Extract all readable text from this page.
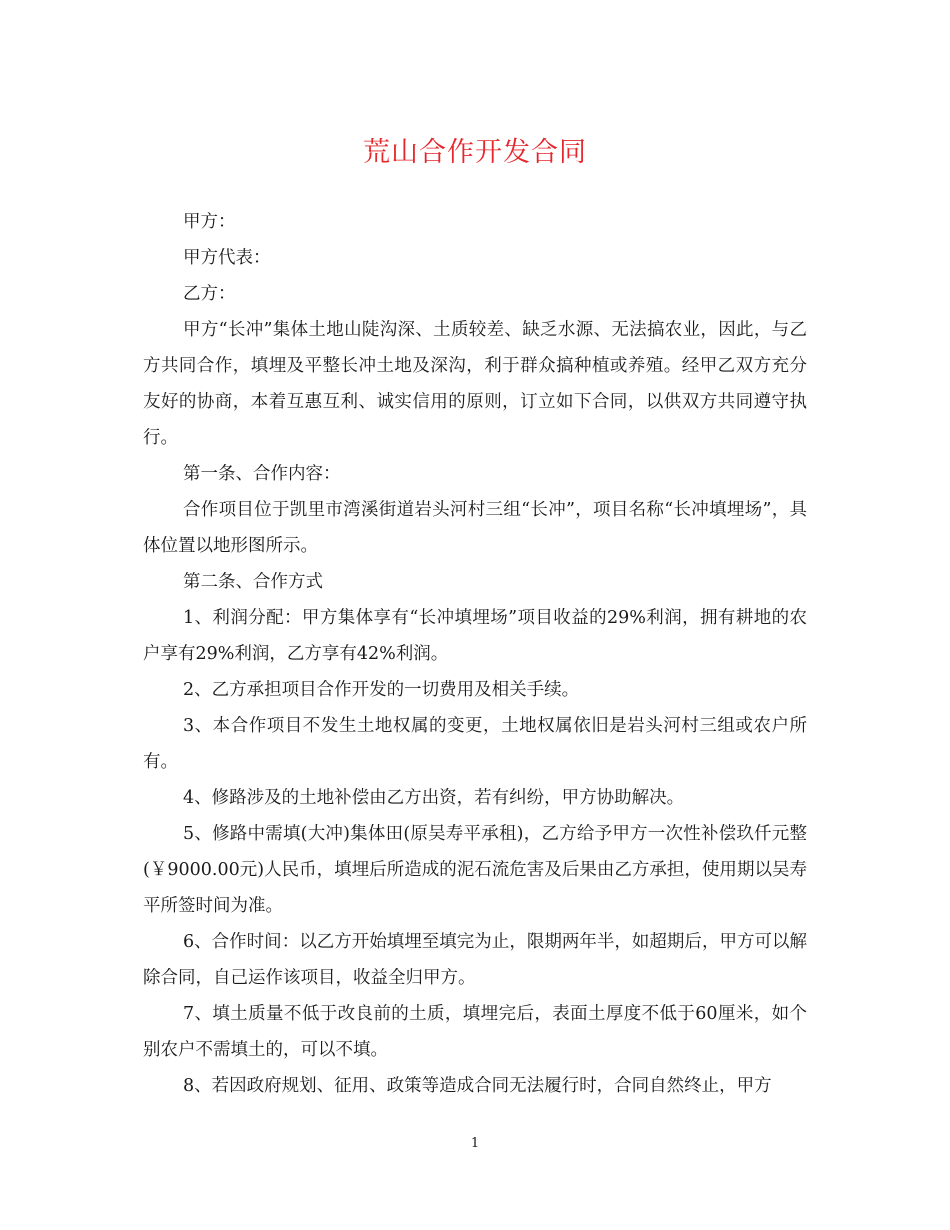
荒山合作开发合同

甲方：

甲方代表：

乙方：

甲方“长冲”集体土地山陡沟深、土质较差、缺乏水源、无法搞农业，因此，与乙方共同合作，填埋及平整长冲土地及深沟，利于群众搞种植或养殖。经甲乙双方充分友好的协商，本着互惠互利、诚实信用的原则，订立如下合同，以供双方共同遵守执行。

第一条、合作内容：

合作项目位于凯里市湾溪街道岩头河村三组“长冲”，项目名称“长冲填埋场”，具体位置以地形图所示。

第二条、合作方式

1、利润分配：甲方集体享有“长冲填埋场”项目收益的29%利润，拥有耕地的农户享有29%利润，乙方享有42%利润。

2、乙方承担项目合作开发的一切费用及相关手续。

3、本合作项目不发生土地权属的变更，土地权属依旧是岩头河村三组或农户所有。

4、修路涉及的土地补偿由乙方出资，若有纠纷，甲方协助解决。

5、修路中需填(大冲)集体田(原吴寿平承租)，乙方给予甲方一次性补偿玖仟元整(￥9000.00元)人民币，填埋后所造成的泥石流危害及后果由乙方承担，使用期以吴寿平所签时间为准。

6、合作时间：以乙方开始填埋至填完为止，限期两年半，如超期后，甲方可以解除合同，自己运作该项目，收益全归甲方。

7、填土质量不低于改良前的土质，填埋完后，表面土厚度不低于60厘米，如个别农户不需填土的，可以不填。

8、若因政府规划、征用、政策等造成合同无法履行时，合同自然终止，甲方

1
